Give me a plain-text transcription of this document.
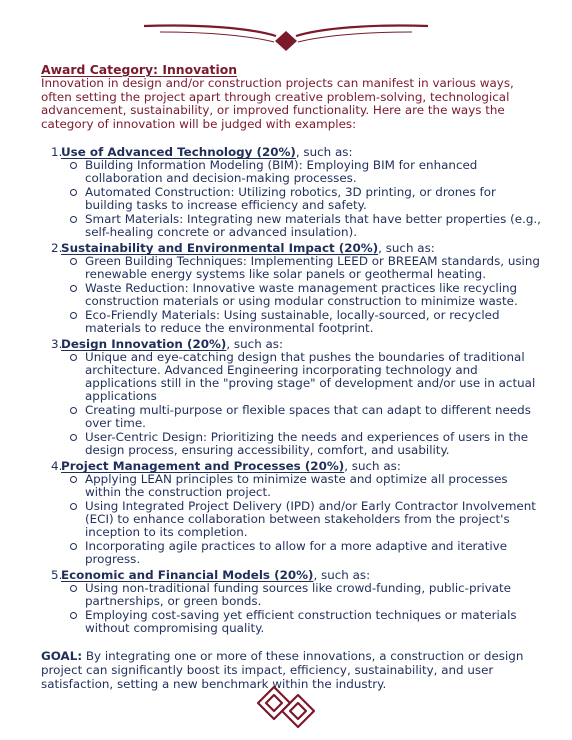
Award Category: Innovation

Innovation in design and/or construction projects can manifest in various ways, often setting the project apart through creative problem-solving, technological advancement, sustainability, or improved functionality. Here are the ways the category of innovation will be judged with examples:

1.

Use of Advanced Technology (20%), such as:

Building Information Modeling (BIM): Employing BIM for enhanced collaboration and decision-making processes.
Automated Construction: Utilizing robotics, 3D printing, or drones for building tasks to increase efficiency and safety.
Smart Materials: Integrating new materials that have better properties (e.g., self-healing concrete or advanced insulation).
2.

Sustainability and Environmental Impact (20%), such as:

Green Building Techniques: Implementing LEED or BREEAM standards, using renewable energy systems like solar panels or geothermal heating.
Waste Reduction: Innovative waste management practices like recycling construction materials or using modular construction to minimize waste.
Eco-Friendly Materials: Using sustainable, locally-sourced, or recycled materials to reduce the environmental footprint.
3.

Design Innovation (20%), such as:

Unique and eye-catching design that pushes the boundaries of traditional architecture. Advanced Engineering incorporating technology and applications still in the "proving stage" of development and/or use in actual applications
Creating multi-purpose or flexible spaces that can adapt to different needs over time.
User-Centric Design: Prioritizing the needs and experiences of users in the design process, ensuring accessibility, comfort, and usability.
4.

Project Management and Processes (20%), such as:

Applying LEAN principles to minimize waste and optimize all processes within the construction project.
Using Integrated Project Delivery (IPD) and/or Early Contractor Involvement (ECI) to enhance collaboration between stakeholders from the project's inception to its completion.
Incorporating agile practices to allow for a more adaptive and iterative progress.
5.

Economic and Financial Models (20%), such as:

Using non-traditional funding sources like crowd-funding, public-private partnerships, or green bonds.
Employing cost-saving yet efficient construction techniques or materials without compromising quality.

GOAL: By integrating one or more of these innovations, a construction or design project can significantly boost its impact, efficiency, sustainability, and user satisfaction, setting a new benchmark within the industry.
